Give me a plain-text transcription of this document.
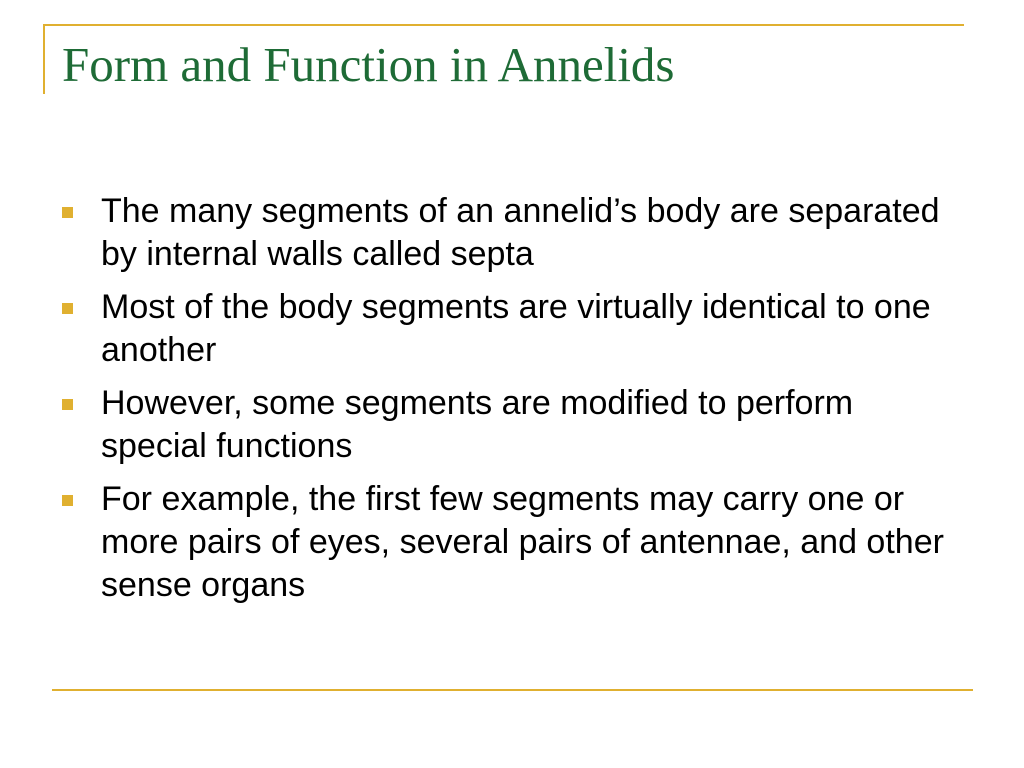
Form and Function in Annelids
The many segments of an annelid’s body are separated by internal walls called septa
Most of the body segments are virtually identical to one another
However, some segments are modified to perform special functions
For example, the first few segments may carry one or more pairs of eyes, several pairs of antennae, and other sense organs
